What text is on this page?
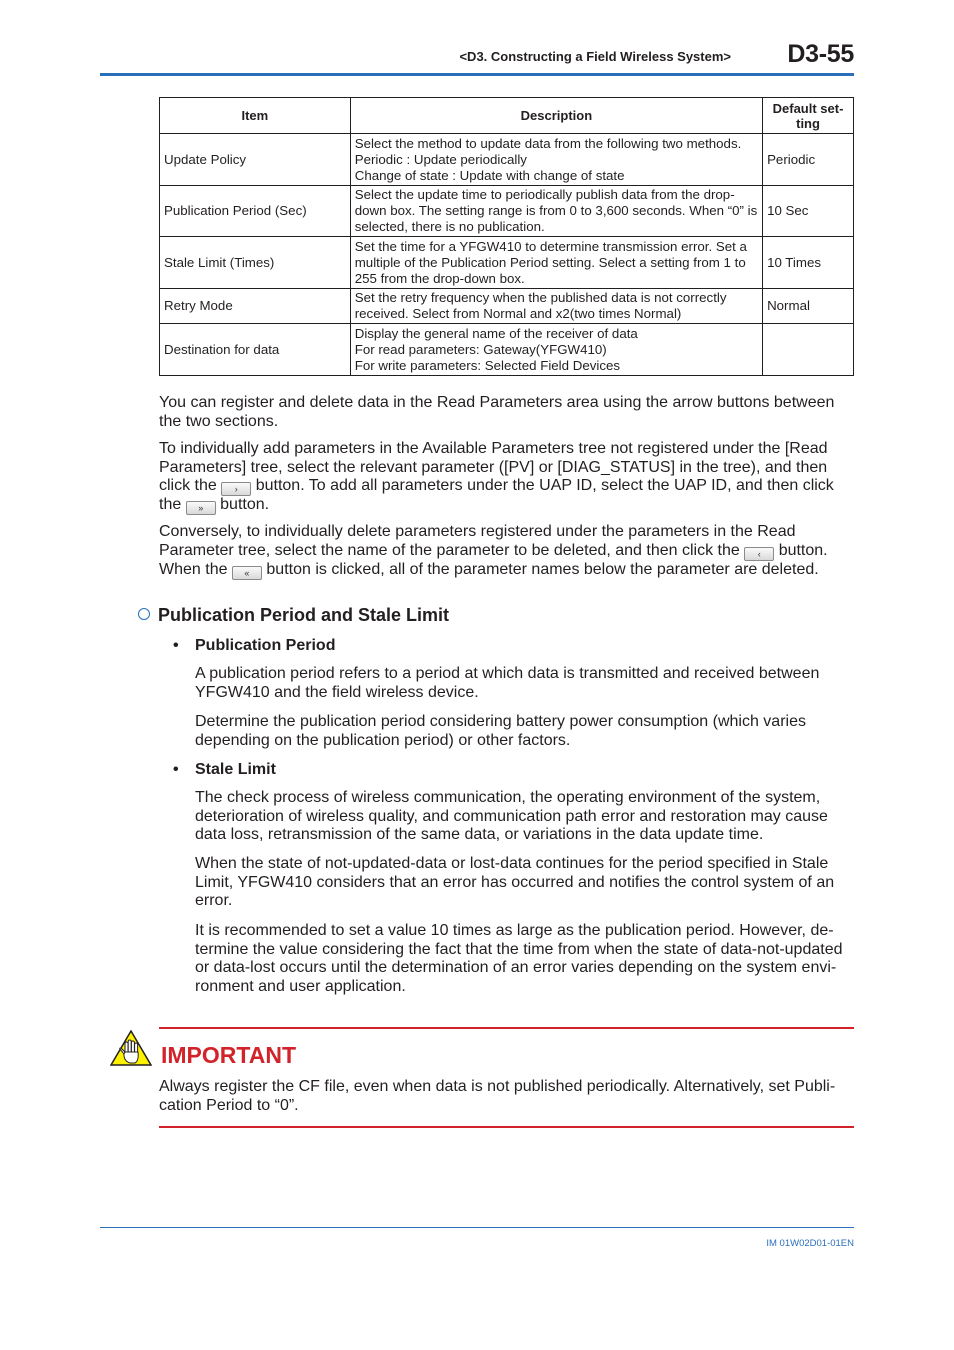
<D3. Constructing a Field Wireless System>	D3-55
Item	Description	Default set-ting
Update Policy	Select the method to update data from the following two methods.
Periodic : Update periodically
Change of state : Update with change of state	Periodic
Publication Period (Sec)	Select the update time to periodically publish data from the drop-down box. The setting range is from 0 to 3,600 seconds. When “0” is selected, there is no publication.	10 Sec
Stale Limit (Times)	Set the time for a YFGW410 to determine transmission error. Set a multiple of the Publication Period setting. Select a setting from 1 to 255 from the drop-down box.	10 Times
Retry Mode	Set the retry frequency when the published data is not correctly received. Select from Normal and x2(two times Normal)	Normal
Destination for data	Display the general name of the receiver of data
For read parameters: Gateway(YFGW410)
For write parameters: Selected Field Devices	

You can register and delete data in the Read Parameters area using the arrow buttons between the two sections.
To individually add parameters in the Available Parameters tree not registered under the [Read Parameters] tree, select the relevant parameter ([PV] or [DIAG_STATUS] in the tree), and then click the › button. To add all parameters under the UAP ID, select the UAP ID, and then click the » button.
Conversely, to individually delete parameters registered under the parameters in the Read Parameter tree, select the name of the parameter to be deleted, and then click the ‹ button. When the « button is clicked, all of the parameter names below the parameter are deleted.
Publication Period and Stale Limit
• Publication Period
A publication period refers to a period at which data is transmitted and received between YFGW410 and the field wireless device.
Determine the publication period considering battery power consumption (which varies depending on the publication period) or other factors.
• Stale Limit
The check process of wireless communication, the operating environment of the system, deterioration of wireless quality, and communication path error and restoration may cause data loss, retransmission of the same data, or variations in the data update time.
When the state of not-updated-data or lost-data continues for the period specified in Stale Limit, YFGW410 considers that an error has occurred and notifies the control system of an error.
It is recommended to set a value 10 times as large as the publication period. However, de-termine the value considering the fact that the time from when the state of data-not-updated or data-lost occurs until the determination of an error varies depending on the system envi-ronment and user application.
IMPORTANT
Always register the CF file, even when data is not published periodically. Alternatively, set Publi-cation Period to “0”.
IM 01W02D01-01EN
